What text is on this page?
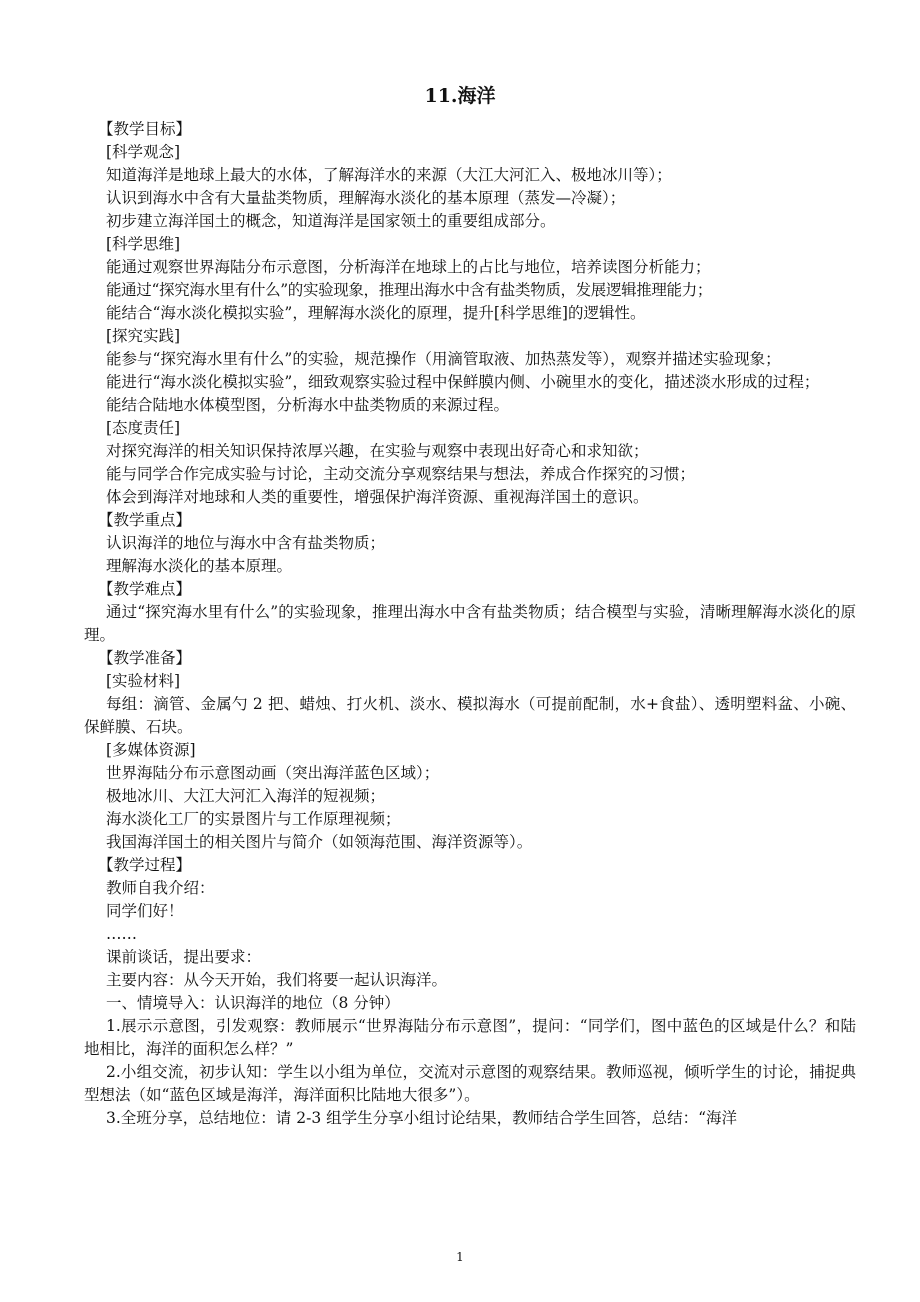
11.海洋

【教学目标】

[科学观念]

知道海洋是地球上最大的水体，了解海洋水的来源（大江大河汇入、极地冰川等）；

认识到海水中含有大量盐类物质，理解海水淡化的基本原理（蒸发—冷凝）；

初步建立海洋国土的概念，知道海洋是国家领土的重要组成部分。

[科学思维]

能通过观察世界海陆分布示意图，分析海洋在地球上的占比与地位，培养读图分析能力；

能通过“探究海水里有什么”的实验现象，推理出海水中含有盐类物质，发展逻辑推理能力；

能结合“海水淡化模拟实验”，理解海水淡化的原理，提升[科学思维]的逻辑性。

[探究实践]

能参与“探究海水里有什么”的实验，规范操作（用滴管取液、加热蒸发等），观察并描述实验现象；

能进行“海水淡化模拟实验”，细致观察实验过程中保鲜膜内侧、小碗里水的变化，描述淡水形成的过程；

能结合陆地水体模型图，分析海水中盐类物质的来源过程。

[态度责任]

对探究海洋的相关知识保持浓厚兴趣，在实验与观察中表现出好奇心和求知欲；

能与同学合作完成实验与讨论，主动交流分享观察结果与想法，养成合作探究的习惯；

体会到海洋对地球和人类的重要性，增强保护海洋资源、重视海洋国土的意识。

【教学重点】

认识海洋的地位与海水中含有盐类物质；

理解海水淡化的基本原理。

【教学难点】

通过“探究海水里有什么”的实验现象，推理出海水中含有盐类物质；结合模型与实验，清晰理解海水淡化的原理。

【教学准备】

[实验材料]

每组：滴管、金属勺 2 把、蜡烛、打火机、淡水、模拟海水（可提前配制，水+食盐）、透明塑料盆、小碗、保鲜膜、石块。

[多媒体资源]

世界海陆分布示意图动画（突出海洋蓝色区域）；

极地冰川、大江大河汇入海洋的短视频；

海水淡化工厂的实景图片与工作原理视频；

我国海洋国土的相关图片与简介（如领海范围、海洋资源等）。

【教学过程】

教师自我介绍：

同学们好！

……

课前谈话，提出要求：

主要内容：从今天开始，我们将要一起认识海洋。

一、情境导入：认识海洋的地位（8 分钟）

1.展示示意图，引发观察：教师展示“世界海陆分布示意图”，提问：“同学们，图中蓝色的区域是什么？和陆地相比，海洋的面积怎么样？”

2.小组交流，初步认知：学生以小组为单位，交流对示意图的观察结果。教师巡视，倾听学生的讨论，捕捉典型想法（如“蓝色区域是海洋，海洋面积比陆地大很多”）。

3.全班分享，总结地位：请 2-3 组学生分享小组讨论结果，教师结合学生回答，总结：“海洋

1
